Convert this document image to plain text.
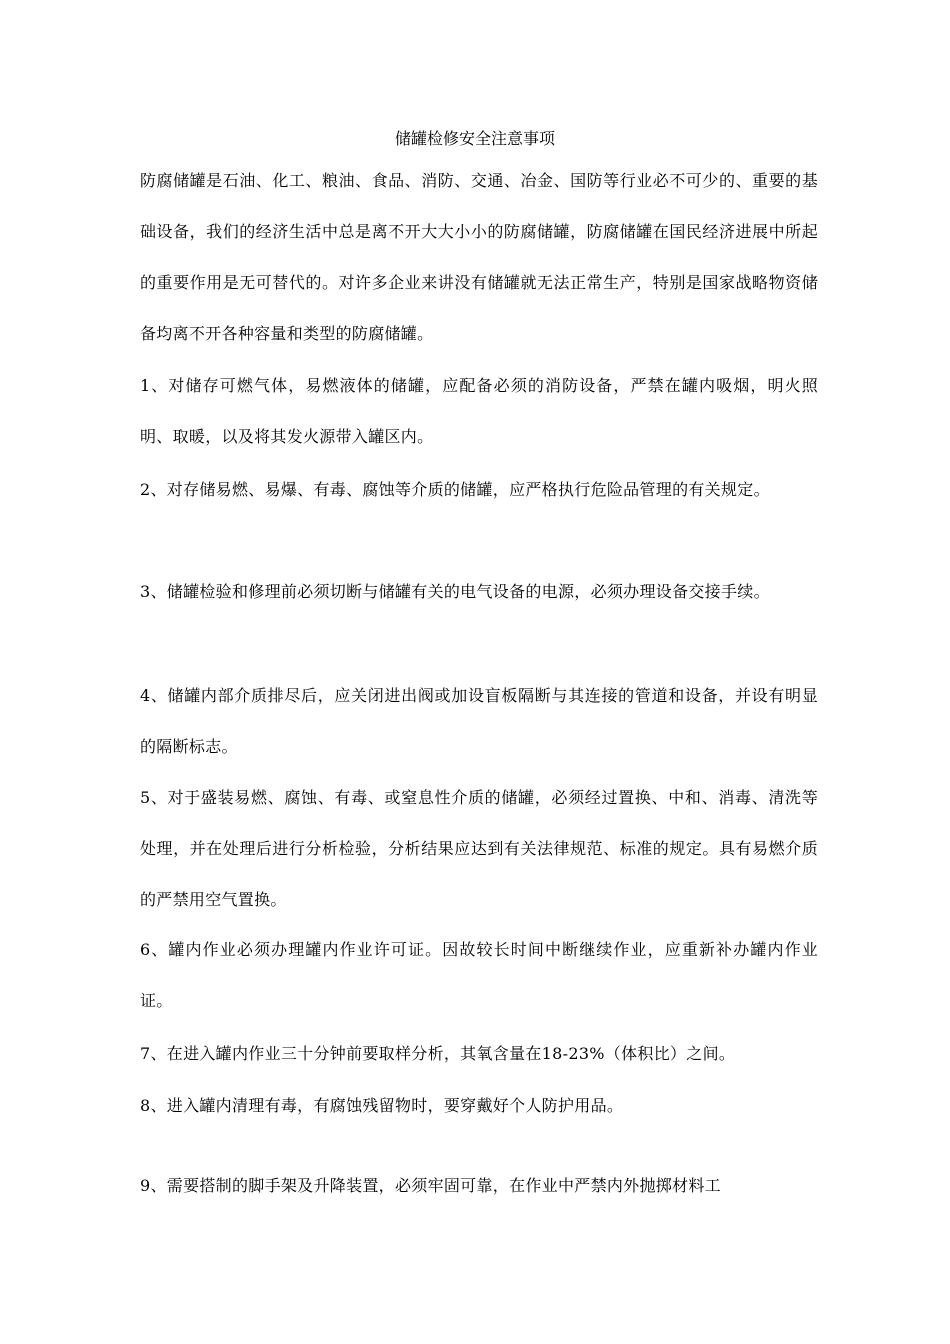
储罐检修安全注意事项

防腐储罐是石油、化工、粮油、食品、消防、交通、冶金、国防等行业必不可少的、重要的基础设备，我们的经济生活中总是离不开大大小小的防腐储罐，防腐储罐在国民经济进展中所起的重要作用是无可替代的。对许多企业来讲没有储罐就无法正常生产，特别是国家战略物资储备均离不开各种容量和类型的防腐储罐。

1、对储存可燃气体，易燃液体的储罐，应配备必须的消防设备，严禁在罐内吸烟，明火照明、取暖，以及将其发火源带入罐区内。

2、对存储易燃、易爆、有毒、腐蚀等介质的储罐，应严格执行危险品管理的有关规定。

3、储罐检验和修理前必须切断与储罐有关的电气设备的电源，必须办理设备交接手续。

4、储罐内部介质排尽后，应关闭进出阀或加设盲板隔断与其连接的管道和设备，并设有明显的隔断标志。

5、对于盛装易燃、腐蚀、有毒、或窒息性介质的储罐，必须经过置换、中和、消毒、清洗等处理，并在处理后进行分析检验，分析结果应达到有关法律规范、标准的规定。具有易燃介质的严禁用空气置换。

6、罐内作业必须办理罐内作业许可证。因故较长时间中断继续作业，应重新补办罐内作业证。

7、在进入罐内作业三十分钟前要取样分析，其氧含量在18-23%（体积比）之间。

8、进入罐内清理有毒，有腐蚀残留物时，要穿戴好个人防护用品。

9、需要搭制的脚手架及升降装置，必须牢固可靠，在作业中严禁内外抛掷材料工
